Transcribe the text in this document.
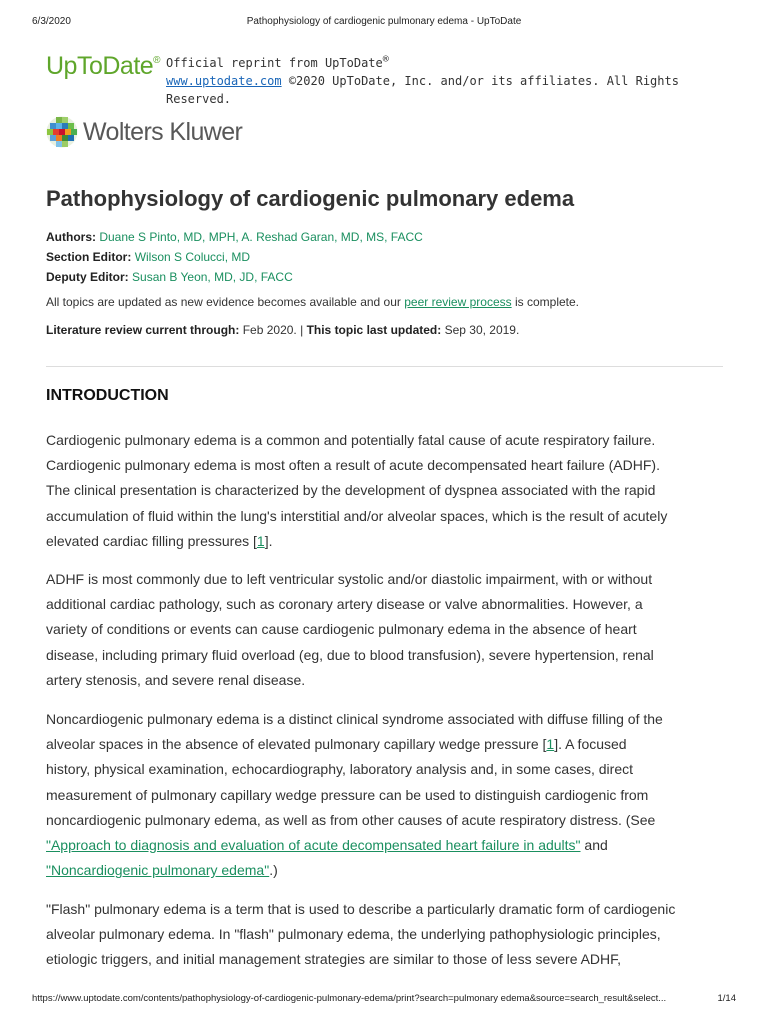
6/3/2020	Pathophysiology of cardiogenic pulmonary edema - UpToDate
UpToDate® Official reprint from UpToDate®
www.uptodate.com ©2020 UpToDate, Inc. and/or its affiliates. All Rights Reserved.
Wolters Kluwer
Pathophysiology of cardiogenic pulmonary edema
Authors: Duane S Pinto, MD, MPH, A. Reshad Garan, MD, MS, FACC
Section Editor: Wilson S Colucci, MD
Deputy Editor: Susan B Yeon, MD, JD, FACC
All topics are updated as new evidence becomes available and our peer review process is complete.
Literature review current through: Feb 2020. | This topic last updated: Sep 30, 2019.
INTRODUCTION
Cardiogenic pulmonary edema is a common and potentially fatal cause of acute respiratory failure.
Cardiogenic pulmonary edema is most often a result of acute decompensated heart failure (ADHF).
The clinical presentation is characterized by the development of dyspnea associated with the rapid
accumulation of fluid within the lung's interstitial and/or alveolar spaces, which is the result of acutely
elevated cardiac filling pressures [1].
ADHF is most commonly due to left ventricular systolic and/or diastolic impairment, with or without
additional cardiac pathology, such as coronary artery disease or valve abnormalities. However, a
variety of conditions or events can cause cardiogenic pulmonary edema in the absence of heart
disease, including primary fluid overload (eg, due to blood transfusion), severe hypertension, renal
artery stenosis, and severe renal disease.
Noncardiogenic pulmonary edema is a distinct clinical syndrome associated with diffuse filling of the
alveolar spaces in the absence of elevated pulmonary capillary wedge pressure [1]. A focused
history, physical examination, echocardiography, laboratory analysis and, in some cases, direct
measurement of pulmonary capillary wedge pressure can be used to distinguish cardiogenic from
noncardiogenic pulmonary edema, as well as from other causes of acute respiratory distress. (See
"Approach to diagnosis and evaluation of acute decompensated heart failure in adults" and
"Noncardiogenic pulmonary edema".)
"Flash" pulmonary edema is a term that is used to describe a particularly dramatic form of cardiogenic
alveolar pulmonary edema. In "flash" pulmonary edema, the underlying pathophysiologic principles,
etiologic triggers, and initial management strategies are similar to those of less severe ADHF,
https://www.uptodate.com/contents/pathophysiology-of-cardiogenic-pulmonary-edema/print?search=pulmonary edema&source=search_result&select...	1/14
